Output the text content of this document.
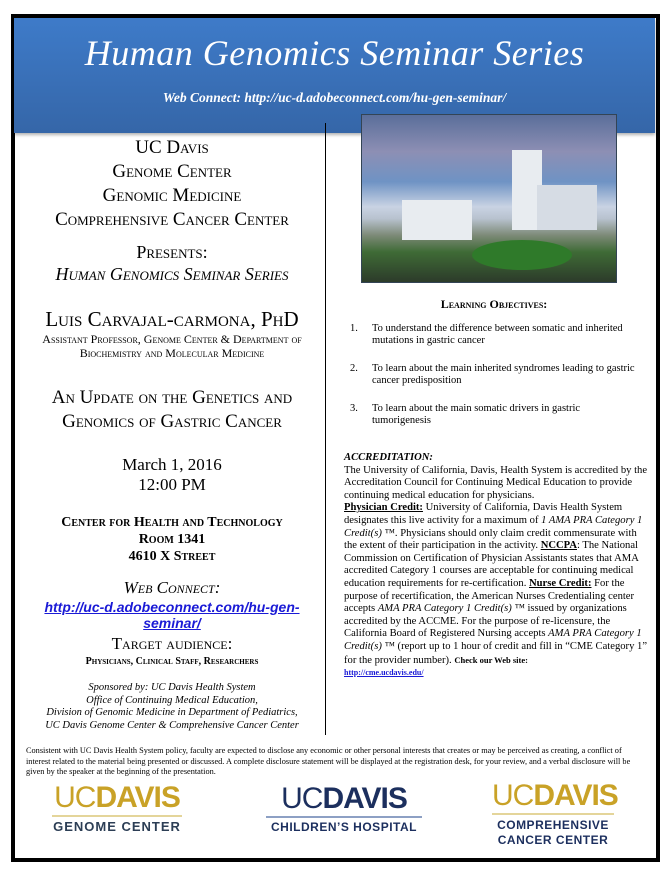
Human Genomics Seminar Series
Web Connect: http://uc-d.adobeconnect.com/hu-gen-seminar/
UC Davis
Genome Center
Genomic Medicine
Comprehensive Cancer Center
Presents:
Human Genomics Seminar Series
Luis Carvajal-carmona, PhD
Assistant Professor, Genome Center & Department of Biochemistry and Molecular Medicine
An Update on the Genetics and Genomics of Gastric Cancer
March 1, 2016
12:00 PM
Center for Health and Technology
Room 1341
4610 X Street
Web Connect:
http://uc-d.adobeconnect.com/hu-gen-seminar/
Target audience:
Physicians, Clinical Staff, Researchers
Sponsored by: UC Davis Health System
Office of Continuing Medical Education,
Division of Genomic Medicine in Department of Pediatrics,
UC Davis Genome Center & Comprehensive Cancer Center
Learning Objectives:
1.	To understand the difference between somatic and inherited mutations in gastric cancer
2.	To learn about the main inherited syndromes leading to gastric cancer predisposition
3.	To learn about the main somatic drivers in gastric tumorigenesis
ACCREDITATION:
The University of California, Davis, Health System is accredited by the Accreditation Council for Continuing Medical Education to provide continuing medical education for physicians.
Physician Credit: University of California, Davis Health System designates this live activity for a maximum of 1 AMA PRA Category 1 Credit(s) ™. Physicians should only claim credit commensurate with the extent of their participation in the activity. NCCPA: The National Commission on Certification of Physician Assistants states that AMA accredited Category 1 courses are acceptable for continuing medical education requirements for re-certification. Nurse Credit: For the purpose of recertification, the American Nurses Credentialing center accepts AMA PRA Category 1 Credit(s) ™ issued by organizations accredited by the ACCME. For the purpose of re-licensure, the California Board of Registered Nursing accepts AMA PRA Category 1 Credit(s) ™ (report up to 1 hour of credit and fill in “CME Category 1” for the provider number). Check our Web site:
http://cme.ucdavis.edu/
Consistent with UC Davis Health System policy, faculty are expected to disclose any economic or other personal interests that creates or may be perceived as creating, a conflict of interest related to the material being presented or discussed. A complete disclosure statement will be displayed at the registration desk, for your review, and a verbal disclosure will be given by the speaker at the beginning of the presentation.
UCDAVIS
GENOME CENTER
UCDAVIS
CHILDREN’S HOSPITAL
UCDAVIS
COMPREHENSIVE
CANCER CENTER
